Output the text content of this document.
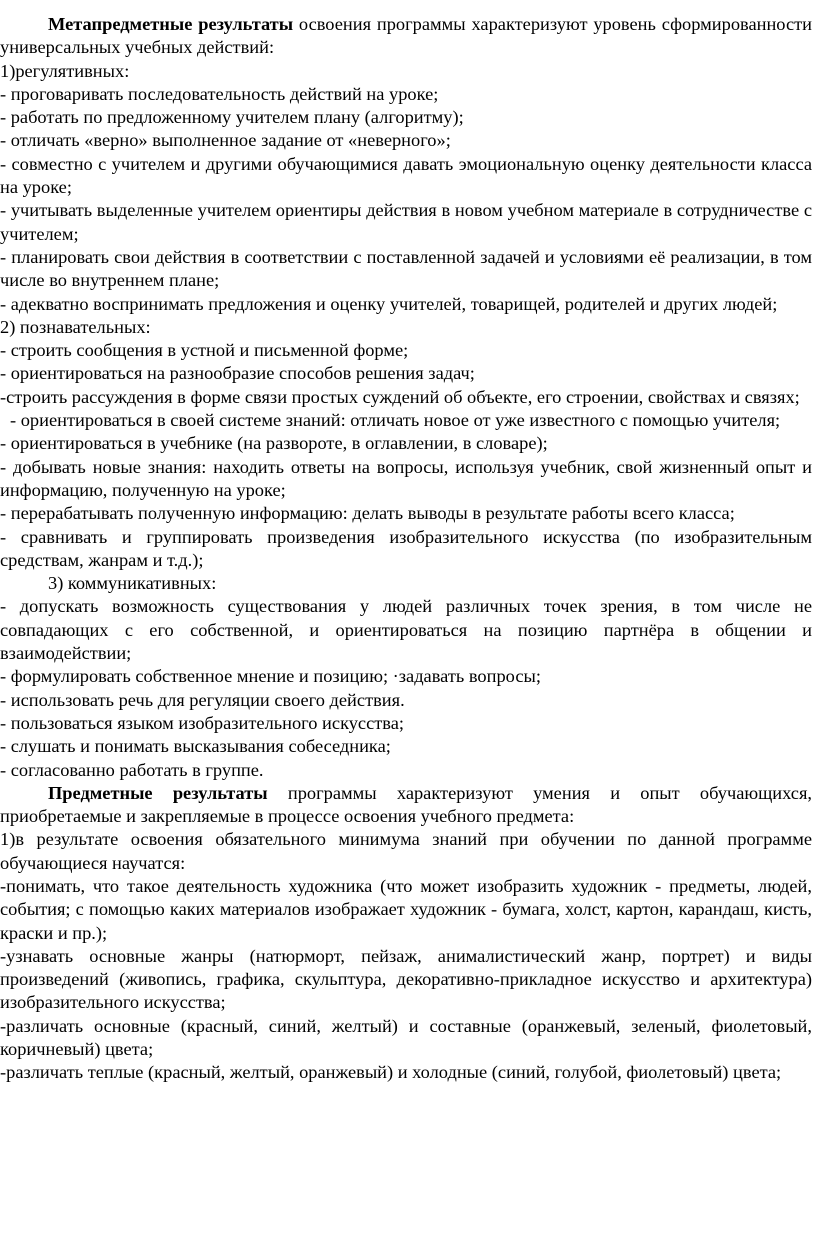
Метапредметные результаты освоения программы характеризуют уровень сформированности универсальных учебных действий:

1)регулятивных:

- проговаривать последовательность действий на уроке;

- работать по предложенному учителем плану (алгоритму);

- отличать «верно» выполненное задание от «неверного»;

- совместно с учителем и другими обучающимися давать эмоциональную оценку деятельности класса на уроке;

- учитывать выделенные учителем ориентиры действия в новом учебном материале в сотрудничестве с учителем;

- планировать свои действия в соответствии с поставленной задачей и условиями её реализации, в том числе во внутреннем плане;

- адекватно воспринимать предложения и оценку учителей, товарищей, родителей и других людей;

2) познавательных:

- строить сообщения в устной и письменной форме;

- ориентироваться на разнообразие способов решения задач;

-строить рассуждения в форме связи простых суждений об объекте, его строении, свойствах и связях;

- ориентироваться в своей системе знаний: отличать новое от уже известного с помощью учителя;

- ориентироваться в учебнике (на развороте, в оглавлении, в словаре);

- добывать новые знания: находить ответы на вопросы, используя учебник, свой жизненный опыт и информацию, полученную на уроке;

- перерабатывать полученную информацию: делать выводы в результате работы всего класса;

- сравнивать и группировать произведения изобразительного искусства (по изобразительным средствам, жанрам и т.д.);

3) коммуникативных:

- допускать возможность существования у людей различных точек зрения, в том числе не совпадающих с его собственной, и ориентироваться на позицию партнёра в общении и взаимодействии;

- формулировать собственное мнение и позицию; ·задавать вопросы;

- использовать речь для регуляции своего действия.

- пользоваться языком изобразительного искусства;

- слушать и понимать высказывания собеседника;

- согласованно работать в группе.

Предметные результаты программы характеризуют умения и опыт обучающихся, приобретаемые и закрепляемые в процессе освоения учебного предмета:

1)в результате освоения обязательного минимума знаний при обучении по данной программе обучающиеся научатся:

-понимать, что такое деятельность художника (что может изобразить художник - предметы, людей, события; с помощью каких материалов изображает художник - бумага, холст, картон, карандаш, кисть, краски и пр.);

-узнавать основные жанры (натюрморт, пейзаж, анималистический жанр, портрет) и виды произведений (живопись, графика, скульптура, декоративно-прикладное искусство и архитектура) изобразительного искусства;

-различать основные (красный, синий, желтый) и составные (оранжевый, зеленый, фиолетовый, коричневый) цвета;

-различать теплые (красный, желтый, оранжевый) и холодные (синий, голубой, фиолетовый) цвета;
